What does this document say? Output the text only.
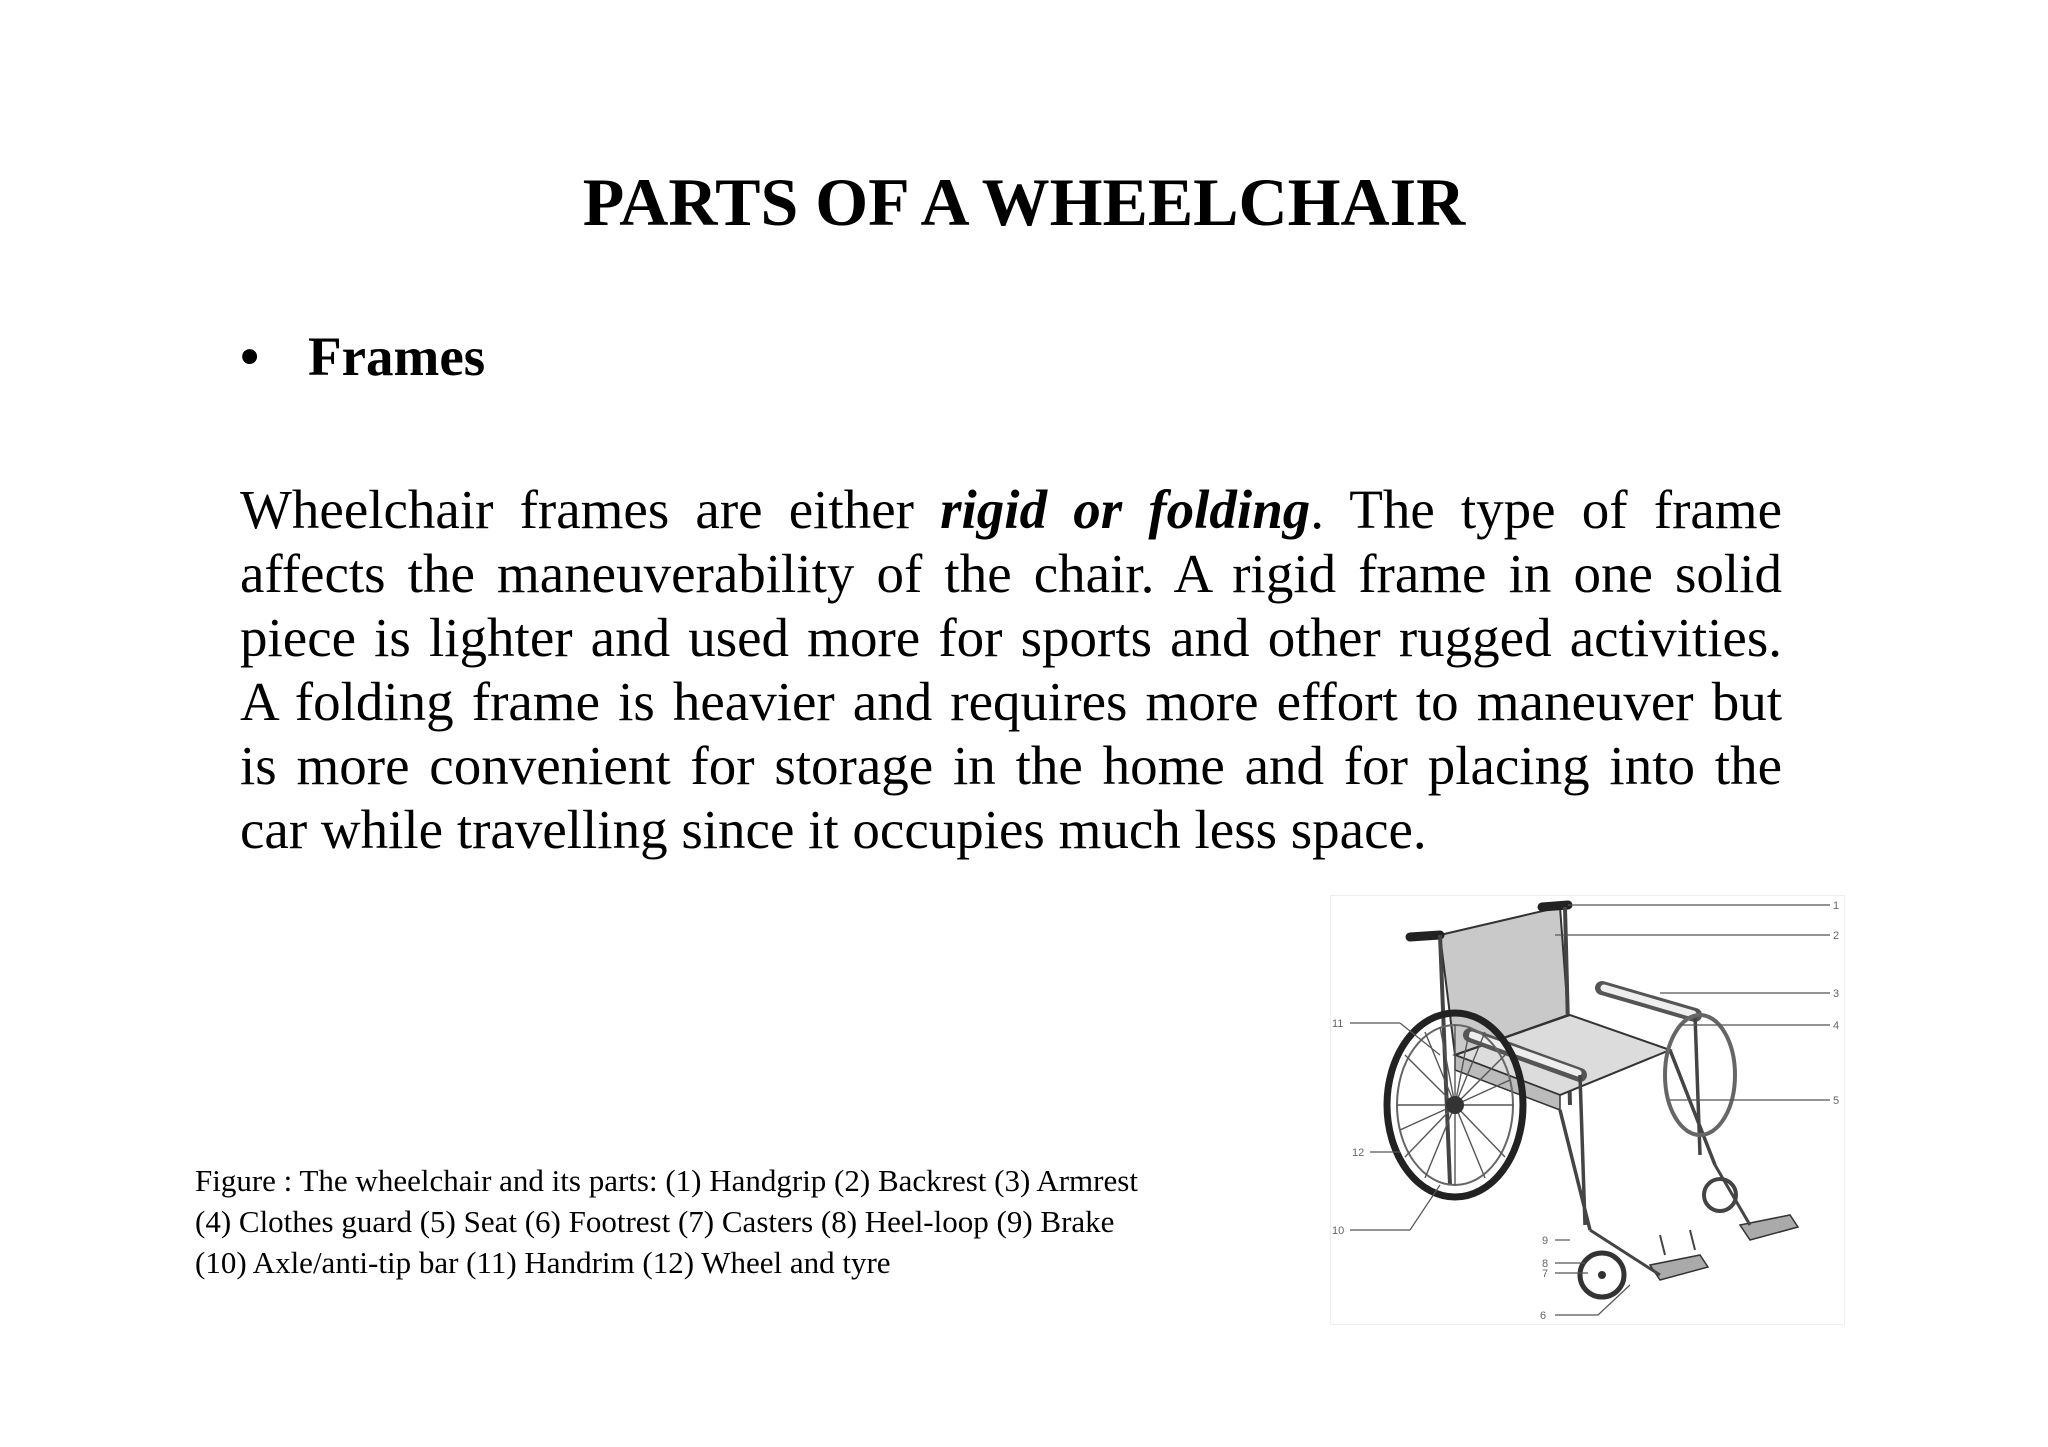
PARTS OF A WHEELCHAIR
• Frames

Wheelchair frames are either rigid or folding. The type of frame affects the maneuverability of the chair. A rigid frame in one solid piece is lighter and used more for sports and other rugged activities. A folding frame is heavier and requires more effort to maneuver but is more convenient for storage in the home and for placing into the car while travelling since it occupies much less space.

Figure : The wheelchair and its parts: (1) Handgrip (2) Backrest (3) Armrest
(4) Clothes guard (5) Seat (6) Footrest (7) Casters (8) Heel-loop (9) Brake
(10) Axle/anti-tip bar (11) Handrim (12) Wheel and tyre
1
2
3
4
5
6
7
8
9
10
11
12
